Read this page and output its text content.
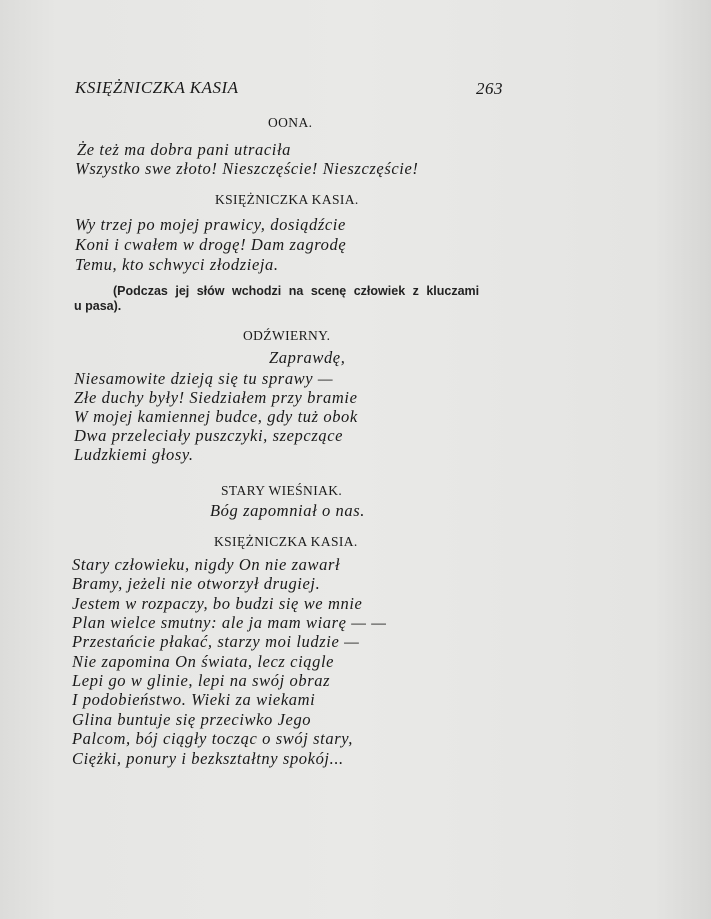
KSIĘŻNICZKA KASIA	263
OONA.
Że też ma dobra pani utraciła
Wszystko swe złoto! Nieszczęście! Nieszczęście!
KSIĘŻNICZKA KASIA.
Wy trzej po mojej prawicy, dosiądźcie
Koni i cwałem w drogę! Dam zagrodę
Temu, kto schwyci złodzieja.
(Podczas jej słów wchodzi na scenę człowiek z kluczami
u pasa).
ODŹWIERNY.
Zaprawdę,
Niesamowite dzieją się tu sprawy —
Złe duchy były! Siedziałem przy bramie
W mojej kamiennej budce, gdy tuż obok
Dwa przeleciały puszczyki, szepczące
Ludzkiemi głosy.
STARY WIEŚNIAK.
Bóg zapomniał o nas.
KSIĘŻNICZKA KASIA.
Stary człowieku, nigdy On nie zawarł
Bramy, jeżeli nie otworzył drugiej.
Jestem w rozpaczy, bo budzi się we mnie
Plan wielce smutny: ale ja mam wiarę — —
Przestańcie płakać, starzy moi ludzie —
Nie zapomina On świata, lecz ciągle
Lepi go w glinie, lepi na swój obraz
I podobieństwo. Wieki za wiekami
Glina buntuje się przeciwko Jego
Palcom, bój ciągły tocząc o swój stary,
Ciężki, ponury i bezkształtny spokój...
